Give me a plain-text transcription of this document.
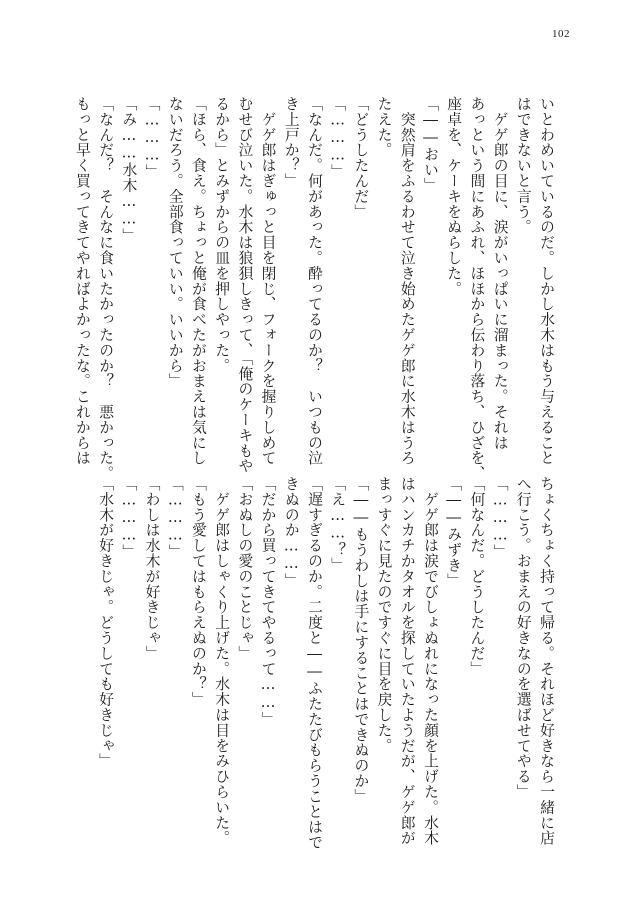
102
いとわめいているのだ。しかし水木はもう与えること
はできないと言う。
　ゲゲ郎の目に、涙がいっぱいに溜まった。それは
あっという間にあふれ、ほほから伝わり落ち、ひざを、
座卓を、ケーキをぬらした。
「――おい」
　突然肩をふるわせて泣き始めたゲゲ郎に水木はうろ
たえた。
「どうしたんだ」
「………」
「なんだ。何があった。酔ってるのか？　いつもの泣
き上戸か？」
　ゲゲ郎はぎゅっと目を閉じ、フォークを握りしめて
むせび泣いた。水木は狼狽しきって、「俺のケーキもや
るから」とみずからの皿を押しやった。
「ほら、食え。ちょっと俺が食べたがおまえは気にし
ないだろう。全部食っていい。いいから」
「………」
「み……水木……」
「なんだ？　そんなに食いたかったのか？　悪かった。
もっと早く買ってきてやればよかったな。これからは
ちょくちょく持って帰る。それほど好きなら一緒に店
へ行こう。おまえの好きなのを選ばせてやる」
「………」
「何なんだ。どうしたんだ」
「――みずき」
　ゲゲ郎は涙でびしょぬれになった顔を上げた。水木
はハンカチかタオルを探していたようだが、ゲゲ郎が
まっすぐに見たのですぐに目を戻した。
「――もうわしは手にすることはできぬのか」
「え……？」
「遅すぎるのか。二度と――ふたたびもらうことはで
きぬのか……」
「だから買ってきてやるって……」
「おぬしの愛のことじゃ」
　ゲゲ郎はしゃくり上げた。水木は目をみひらいた。
「もう愛してはもらえぬのか？」
「………」
「わしは水木が好きじゃ」
「………」
「水木が好きじゃ。どうしても好きじゃ」
